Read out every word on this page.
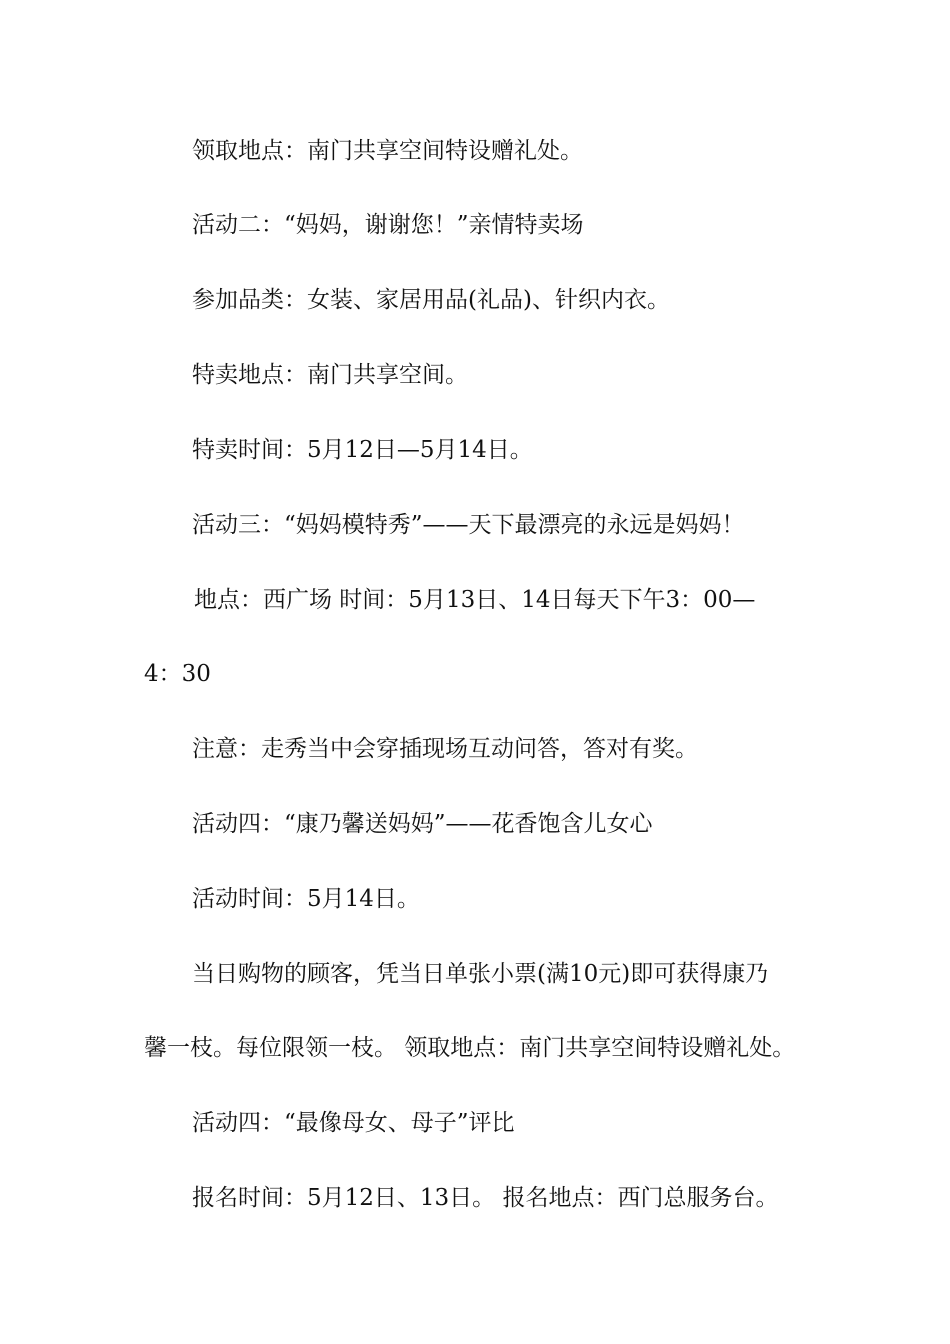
领取地点：南门共享空间特设赠礼处。
活动二：“妈妈，谢谢您！”亲情特卖场
参加品类：女装、家居用品(礼品)、针织内衣。
特卖地点：南门共享空间。
特卖时间：5月12日—5月14日。
活动三：“妈妈模特秀”——天下最漂亮的永远是妈妈！
地点：西广场 时间：5月13日、14日每天下午3：00—
4：30
注意：走秀当中会穿插现场互动问答，答对有奖。
活动四：“康乃馨送妈妈”——花香饱含儿女心
活动时间：5月14日。
当日购物的顾客，凭当日单张小票(满10元)即可获得康乃
馨一枝。每位限领一枝。 领取地点：南门共享空间特设赠礼处。
活动四：“最像母女、母子”评比
报名时间：5月12日、13日。 报名地点：西门总服务台。
